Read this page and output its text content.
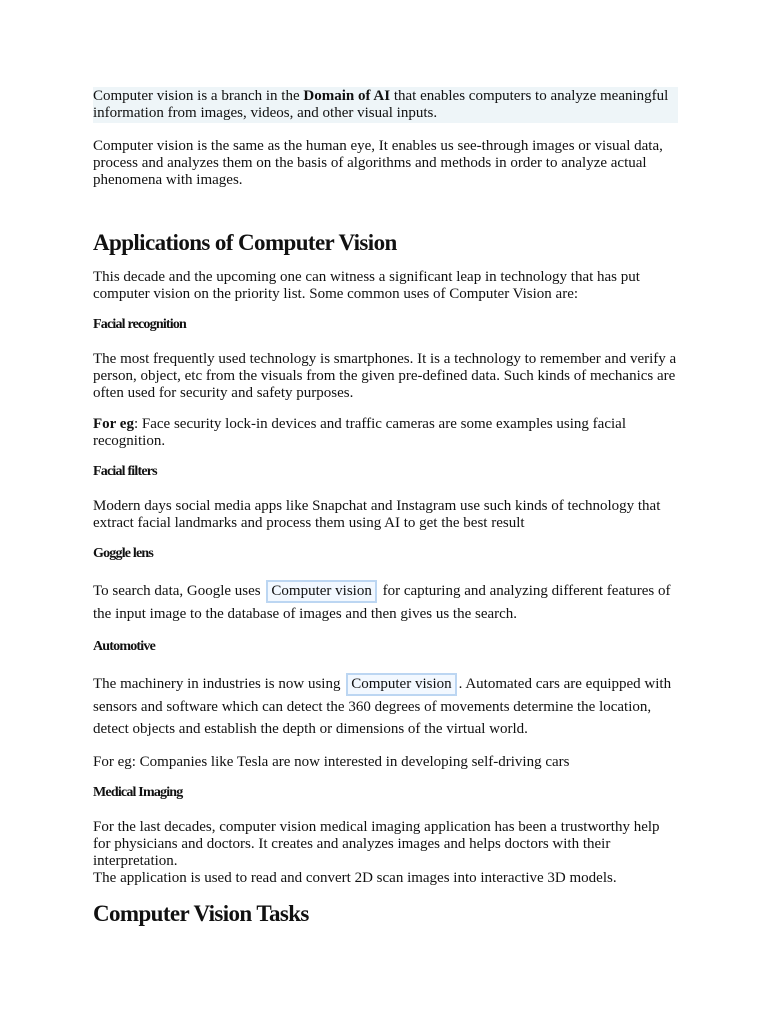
Computer vision is a branch in the Domain of AI that enables computers to analyze meaningful information from images, videos, and other visual inputs.

Computer vision is the same as the human eye, It enables us see-through images or visual data, process and analyzes them on the basis of algorithms and methods in order to analyze actual phenomena with images.

Applications of Computer Vision

This decade and the upcoming one can witness a significant leap in technology that has put computer vision on the priority list. Some common uses of Computer Vision are:

Facial recognition

The most frequently used technology is smartphones. It is a technology to remember and verify a person, object, etc from the visuals from the given pre-defined data. Such kinds of mechanics are often used for security and safety purposes.

For eg: Face security lock-in devices and traffic cameras are some examples using facial recognition.

Facial filters

Modern days social media apps like Snapchat and Instagram use such kinds of technology that extract facial landmarks and process them using AI to get the best result

Goggle lens

To search data, Google uses Computer vision for capturing and analyzing different features of the input image to the database of images and then gives us the search.

Automotive

The machinery in industries is now using Computer vision . Automated cars are equipped with sensors and software which can detect the 360 degrees of movements determine the location, detect objects and establish the depth or dimensions of the virtual world.

For eg: Companies like Tesla are now interested in developing self-driving cars

Medical Imaging

For the last decades, computer vision medical imaging application has been a trustworthy help for physicians and doctors. It creates and analyzes images and helps doctors with their interpretation.

The application is used to read and convert 2D scan images into interactive 3D models.

Computer Vision Tasks
